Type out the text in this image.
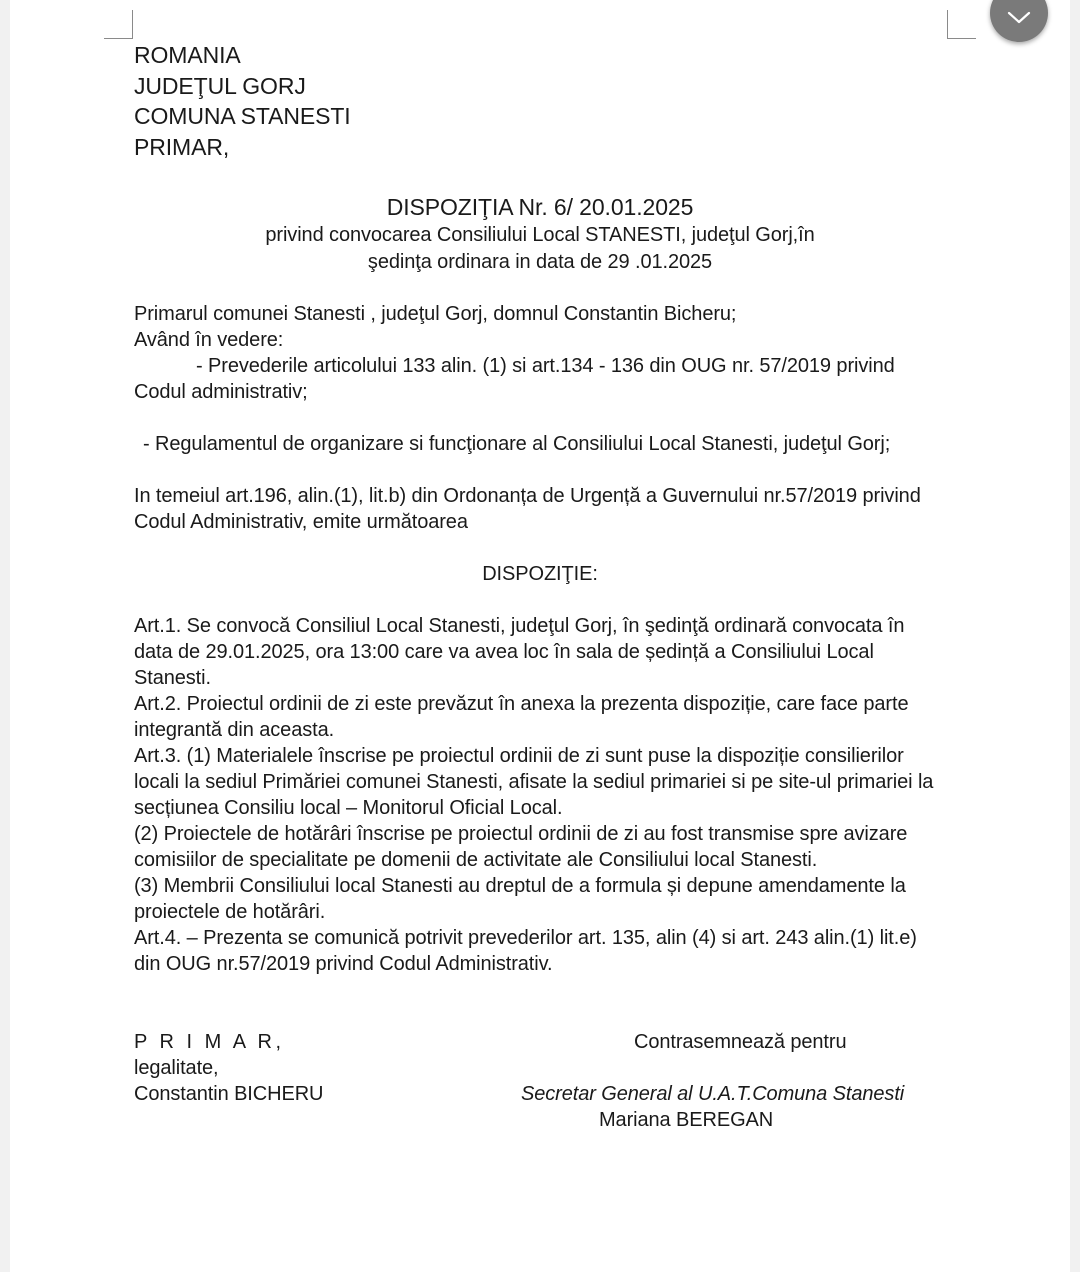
ROMANIA

JUDEŢUL GORJ

COMUNA STANESTI

PRIMAR,

DISPOZIŢIA Nr. 6/ 20.01.2025

privind convocarea Consiliului Local STANESTI, judeţul Gorj,în

şedinţa ordinara in data de 29 .01.2025

Primarul comunei Stanesti , judeţul Gorj, domnul Constantin Bicheru;

Având în vedere:

- Prevederile articolului 133 alin. (1) si art.134 - 136 din OUG nr. 57/2019 privind Codul administrativ;

- Regulamentul de organizare si funcţionare al Consiliului Local Stanesti, judeţul Gorj;

In temeiul art.196, alin.(1), lit.b) din Ordonanța de Urgență a Guvernului nr.57/2019 privind Codul Administrativ, emite următoarea

DISPOZIŢIE:

Art.1. Se convocă Consiliul Local Stanesti, judeţul Gorj, în şedinţă ordinară convocata în data de 29.01.2025, ora 13:00 care va avea loc în sala de ședință a Consiliului Local Stanesti.

Art.2. Proiectul ordinii de zi este prevăzut în anexa la prezenta dispoziție, care face parte integrantă din aceasta.

Art.3. (1) Materialele înscrise pe proiectul ordinii de zi sunt puse la dispoziție consilierilor locali la sediul Primăriei comunei Stanesti, afisate la sediul primariei si pe site-ul primariei la secțiunea Consiliu local – Monitorul Oficial Local.

(2) Proiectele de hotărâri înscrise pe proiectul ordinii de zi au fost transmise spre avizare comisiilor de specialitate pe domenii de activitate ale Consiliului local Stanesti.

(3) Membrii Consiliului local Stanesti au dreptul de a formula și depune amendamente la proiectele de hotărâri.

Art.4. – Prezenta se comunică potrivit prevederilor art. 135, alin (4) si art. 243 alin.(1) lit.e) din OUG nr.57/2019 privind Codul Administrativ.

P R I M A R,

legalitate,

Constantin BICHERU

Contrasemnează pentru

Secretar General al U.A.T.Comuna Stanesti

Mariana BEREGAN
